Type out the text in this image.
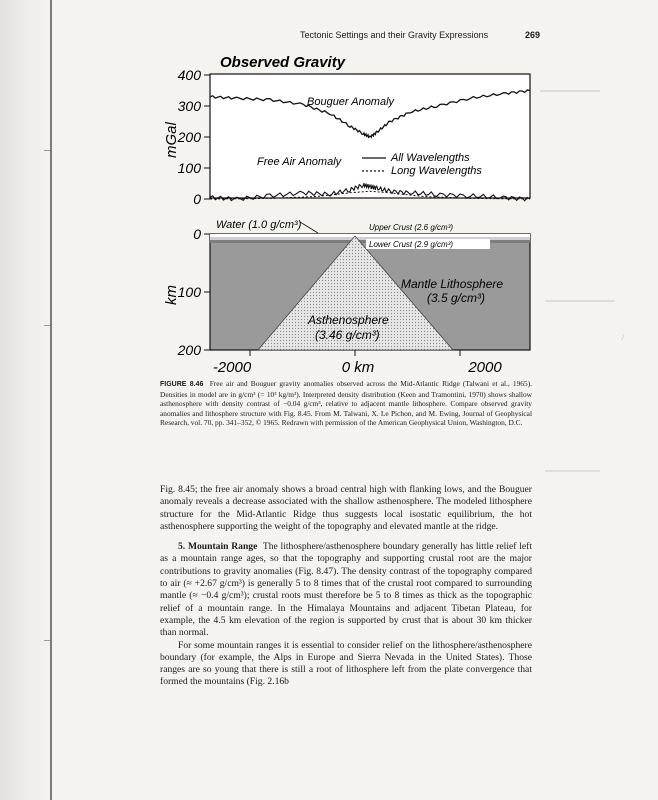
~
Tectonic Settings and their Gravity Expressions	269
Observed Gravity
400
300
200
100
0
mGal
Bouguer Anomaly
Free Air Anomaly	All Wavelengths
Long Wavelengths
0
100
200
km
-2000	0 km	2000
Water (1.0 g/cm³)	Upper Crust (2.6 g/cm³)
Lower Crust (2.9 g/cm³)
Mantle Lithosphere
(3.5 g/cm³)
Asthenosphere
(3.46 g/cm³)
FIGURE 8.46 Free air and Bouguer gravity anomalies observed across the Mid-Atlantic Ridge (Talwani et al., 1965). Densities in model are in g/cm³ (= 10³ kg/m³). Interpreted density distribution (Keen and Tramontini, 1970) shows shallow asthenosphere with density contrast of −0.04 g/cm³, relative to adjacent mantle lithosphere. Compare observed gravity anomalies and lithosphere structure with Fig. 8.45. From M. Talwani, X. Le Pichon, and M. Ewing, Journal of Geophysical Research, vol. 70, pp. 341–352, © 1965. Redrawn with permission of the American Geophysical Union, Washington, D.C.

Fig. 8.45; the free air anomaly shows a broad central high with flanking lows, and the Bouguer anomaly reveals a decrease associated with the shallow asthenosphere. The modeled lithosphere structure for the Mid-Atlantic Ridge thus suggests local isostatic equilibrium, the hot asthenosphere supporting the weight of the topography and elevated mantle at the ridge.

5. Mountain Range The lithosphere/asthenosphere boundary generally has little relief left as a mountain range ages, so that the topography and supporting crustal root are the major contributions to gravity anomalies (Fig. 8.47). The density contrast of the topography compared to air (≈ +2.67 g/cm³) is generally 5 to 8 times that of the crustal root compared to surrounding mantle (≈ −0.4 g/cm³); crustal roots must therefore be 5 to 8 times as thick as the topographic relief of a mountain range. In the Himalaya Mountains and adjacent Tibetan Plateau, for example, the 4.5 km elevation of the region is supported by crust that is about 30 km thicker than normal.

For some mountain ranges it is essential to consider relief on the lithosphere/asthenosphere boundary (for example, the Alps in Europe and Sierra Nevada in the United States). Those ranges are so young that there is still a root of lithosphere left from the plate convergence that formed the mountains (Fig. 2.16b
